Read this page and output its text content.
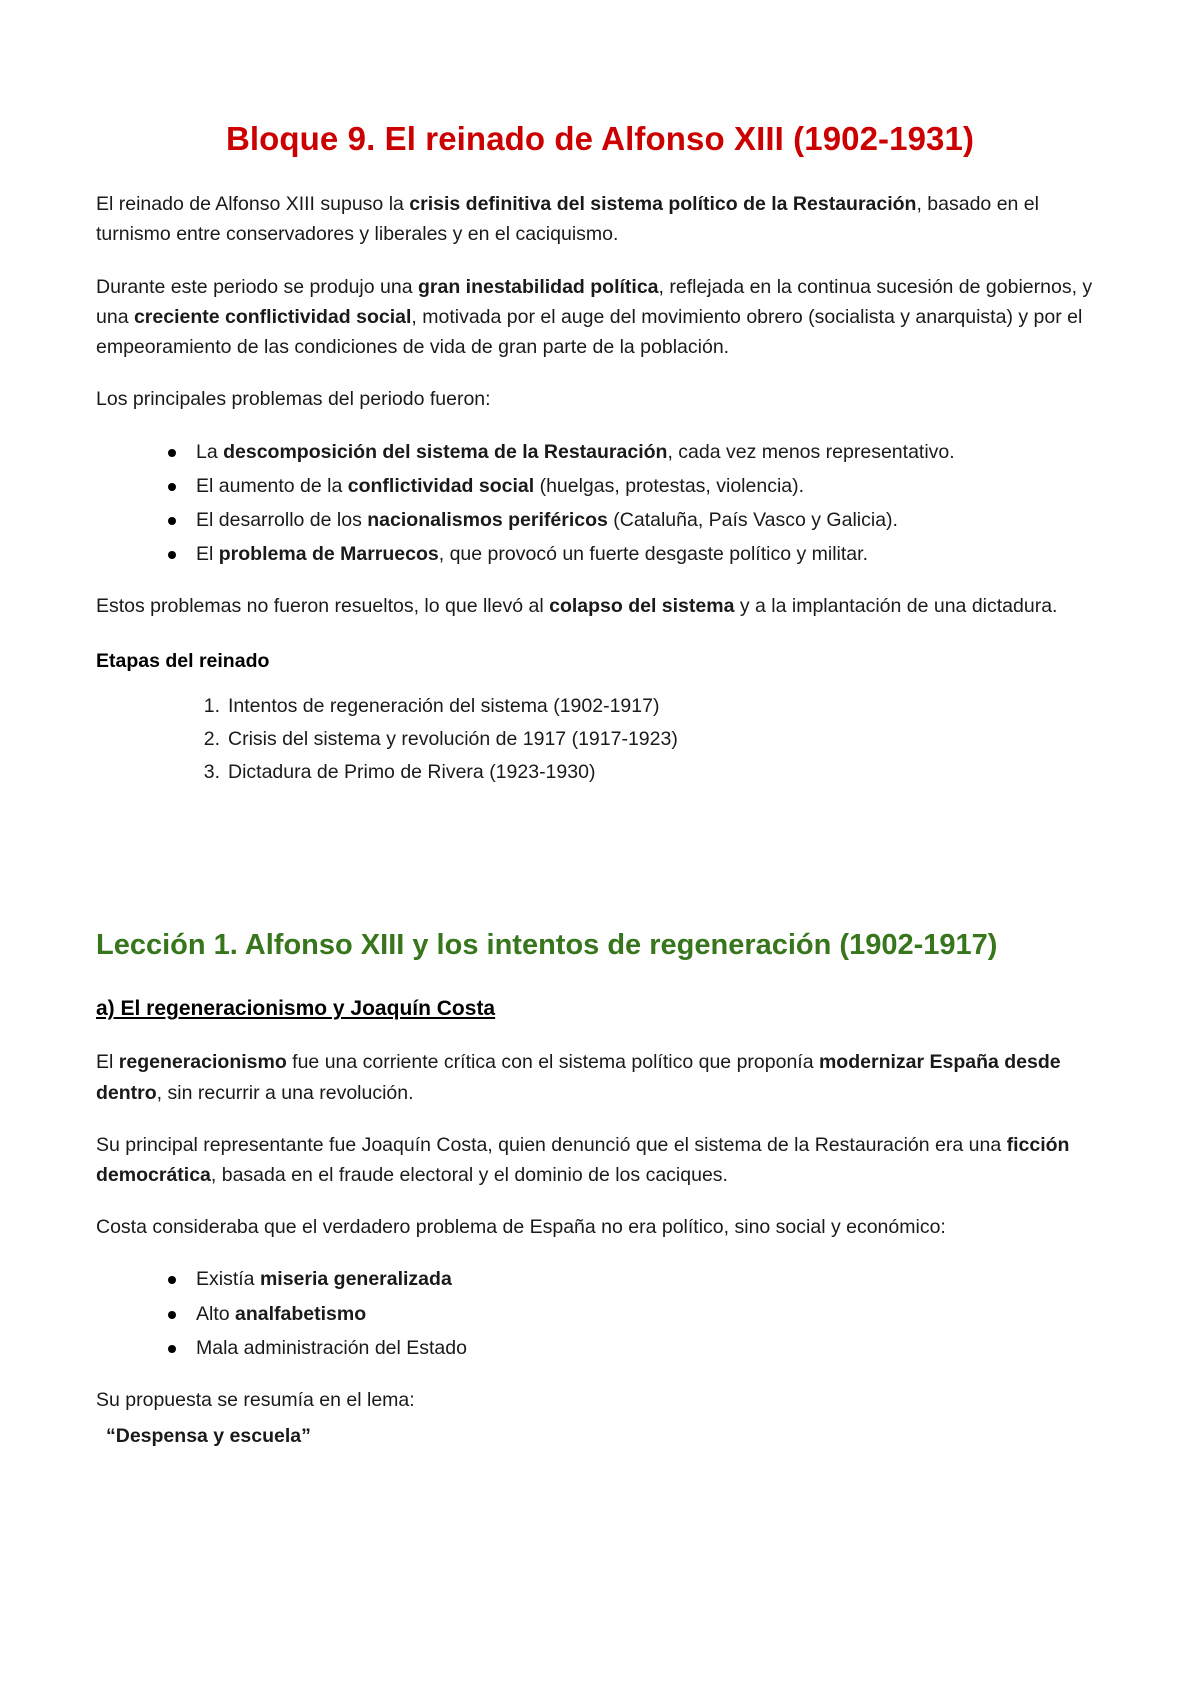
Bloque 9. El reinado de Alfonso XIII (1902-1931)

El reinado de Alfonso XIII supuso la crisis definitiva del sistema político de la Restauración, basado en el turnismo entre conservadores y liberales y en el caciquismo.

Durante este periodo se produjo una gran inestabilidad política, reflejada en la continua sucesión de gobiernos, y una creciente conflictividad social, motivada por el auge del movimiento obrero (socialista y anarquista) y por el empeoramiento de las condiciones de vida de gran parte de la población.

Los principales problemas del periodo fueron:

La descomposición del sistema de la Restauración, cada vez menos representativo.
El aumento de la conflictividad social (huelgas, protestas, violencia).
El desarrollo de los nacionalismos periféricos (Cataluña, País Vasco y Galicia).
El problema de Marruecos, que provocó un fuerte desgaste político y militar.

Estos problemas no fueron resueltos, lo que llevó al colapso del sistema y a la implantación de una dictadura.

Etapas del reinado
Intentos de regeneración del sistema (1902-1917)
Crisis del sistema y revolución de 1917 (1917-1923)
Dictadura de Primo de Rivera (1923-1930)
Lección 1. Alfonso XIII y los intentos de regeneración (1902-1917)
a) El regeneracionismo y Joaquín Costa

El regeneracionismo fue una corriente crítica con el sistema político que proponía modernizar España desde dentro, sin recurrir a una revolución.

Su principal representante fue Joaquín Costa, quien denunció que el sistema de la Restauración era una ficción democrática, basada en el fraude electoral y el dominio de los caciques.

Costa consideraba que el verdadero problema de España no era político, sino social y económico:

Existía miseria generalizada
Alto analfabetismo
Mala administración del Estado

Su propuesta se resumía en el lema:

“Despensa y escuela”
